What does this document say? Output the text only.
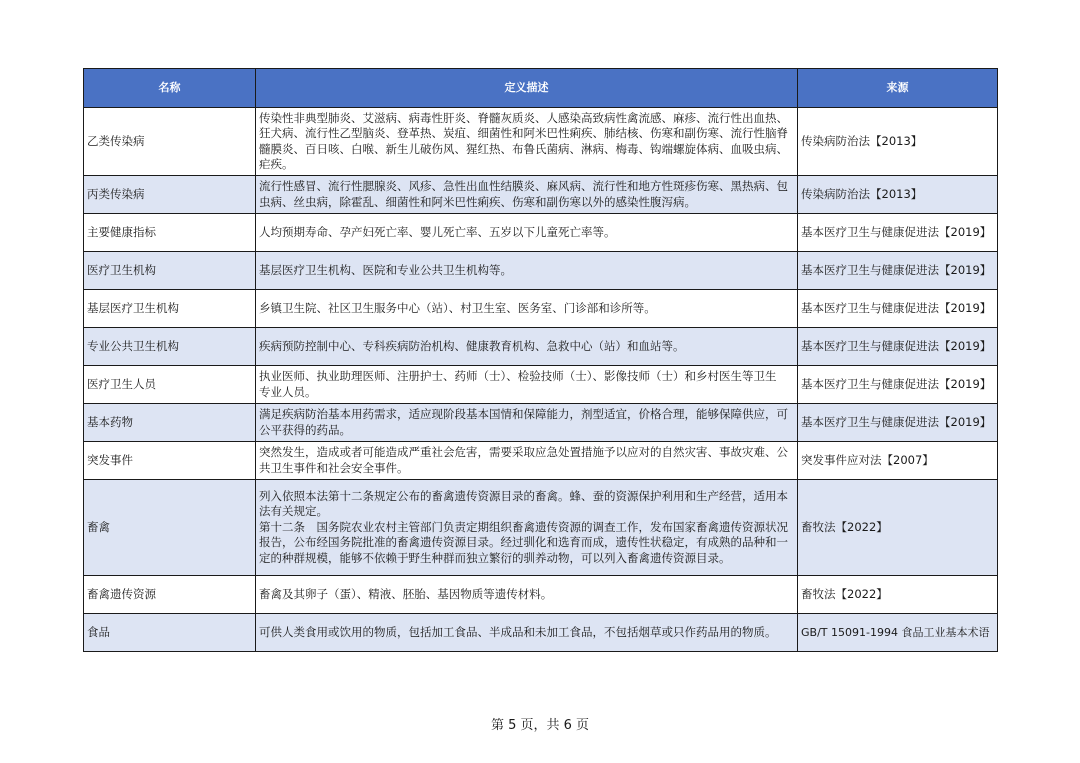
名称	定义描述	来源
乙类传染病	传染性非典型肺炎、艾滋病、病毒性肝炎、脊髓灰质炎、人感染高致病性禽流感、麻疹、流行性出血热、
狂犬病、流行性乙型脑炎、登革热、炭疽、细菌性和阿米巴性痢疾、肺结核、伤寒和副伤寒、流行性脑脊
髓膜炎、百日咳、白喉、新生儿破伤风、猩红热、布鲁氏菌病、淋病、梅毒、钩端螺旋体病、血吸虫病、
疟疾。	传染病防治法【2013】
丙类传染病	流行性感冒、流行性腮腺炎、风疹、急性出血性结膜炎、麻风病、流行性和地方性斑疹伤寒、黑热病、包
虫病、丝虫病，除霍乱、细菌性和阿米巴性痢疾、伤寒和副伤寒以外的感染性腹泻病。	传染病防治法【2013】
主要健康指标	人均预期寿命、孕产妇死亡率、婴儿死亡率、五岁以下儿童死亡率等。	基本医疗卫生与健康促进法【2019】
医疗卫生机构	基层医疗卫生机构、医院和专业公共卫生机构等。	基本医疗卫生与健康促进法【2019】
基层医疗卫生机构	乡镇卫生院、社区卫生服务中心（站）、村卫生室、医务室、门诊部和诊所等。	基本医疗卫生与健康促进法【2019】
专业公共卫生机构	疾病预防控制中心、专科疾病防治机构、健康教育机构、急救中心（站）和血站等。	基本医疗卫生与健康促进法【2019】
医疗卫生人员	执业医师、执业助理医师、注册护士、药师（士）、检验技师（士）、影像技师（士）和乡村医生等卫生
专业人员。	基本医疗卫生与健康促进法【2019】
基本药物	满足疾病防治基本用药需求，适应现阶段基本国情和保障能力，剂型适宜，价格合理，能够保障供应，可
公平获得的药品。	基本医疗卫生与健康促进法【2019】
突发事件	突然发生，造成或者可能造成严重社会危害，需要采取应急处置措施予以应对的自然灾害、事故灾难、公
共卫生事件和社会安全事件。	突发事件应对法【2007】
畜禽	列入依照本法第十二条规定公布的畜禽遗传资源目录的畜禽。蜂、蚕的资源保护利用和生产经营，适用本
法有关规定。
第十二条　国务院农业农村主管部门负责定期组织畜禽遗传资源的调查工作，发布国家畜禽遗传资源状况
报告，公布经国务院批准的畜禽遗传资源目录。经过驯化和选育而成，遗传性状稳定，有成熟的品种和一
定的种群规模，能够不依赖于野生种群而独立繁衍的驯养动物，可以列入畜禽遗传资源目录。	畜牧法【2022】
畜禽遗传资源	畜禽及其卵子（蛋）、精液、胚胎、基因物质等遗传材料。	畜牧法【2022】
食品	可供人类食用或饮用的物质，包括加工食品、半成品和未加工食品，不包括烟草或只作药品用的物质。	GB/T 15091-1994 食品工业基本术语
第 5 页，共 6 页
